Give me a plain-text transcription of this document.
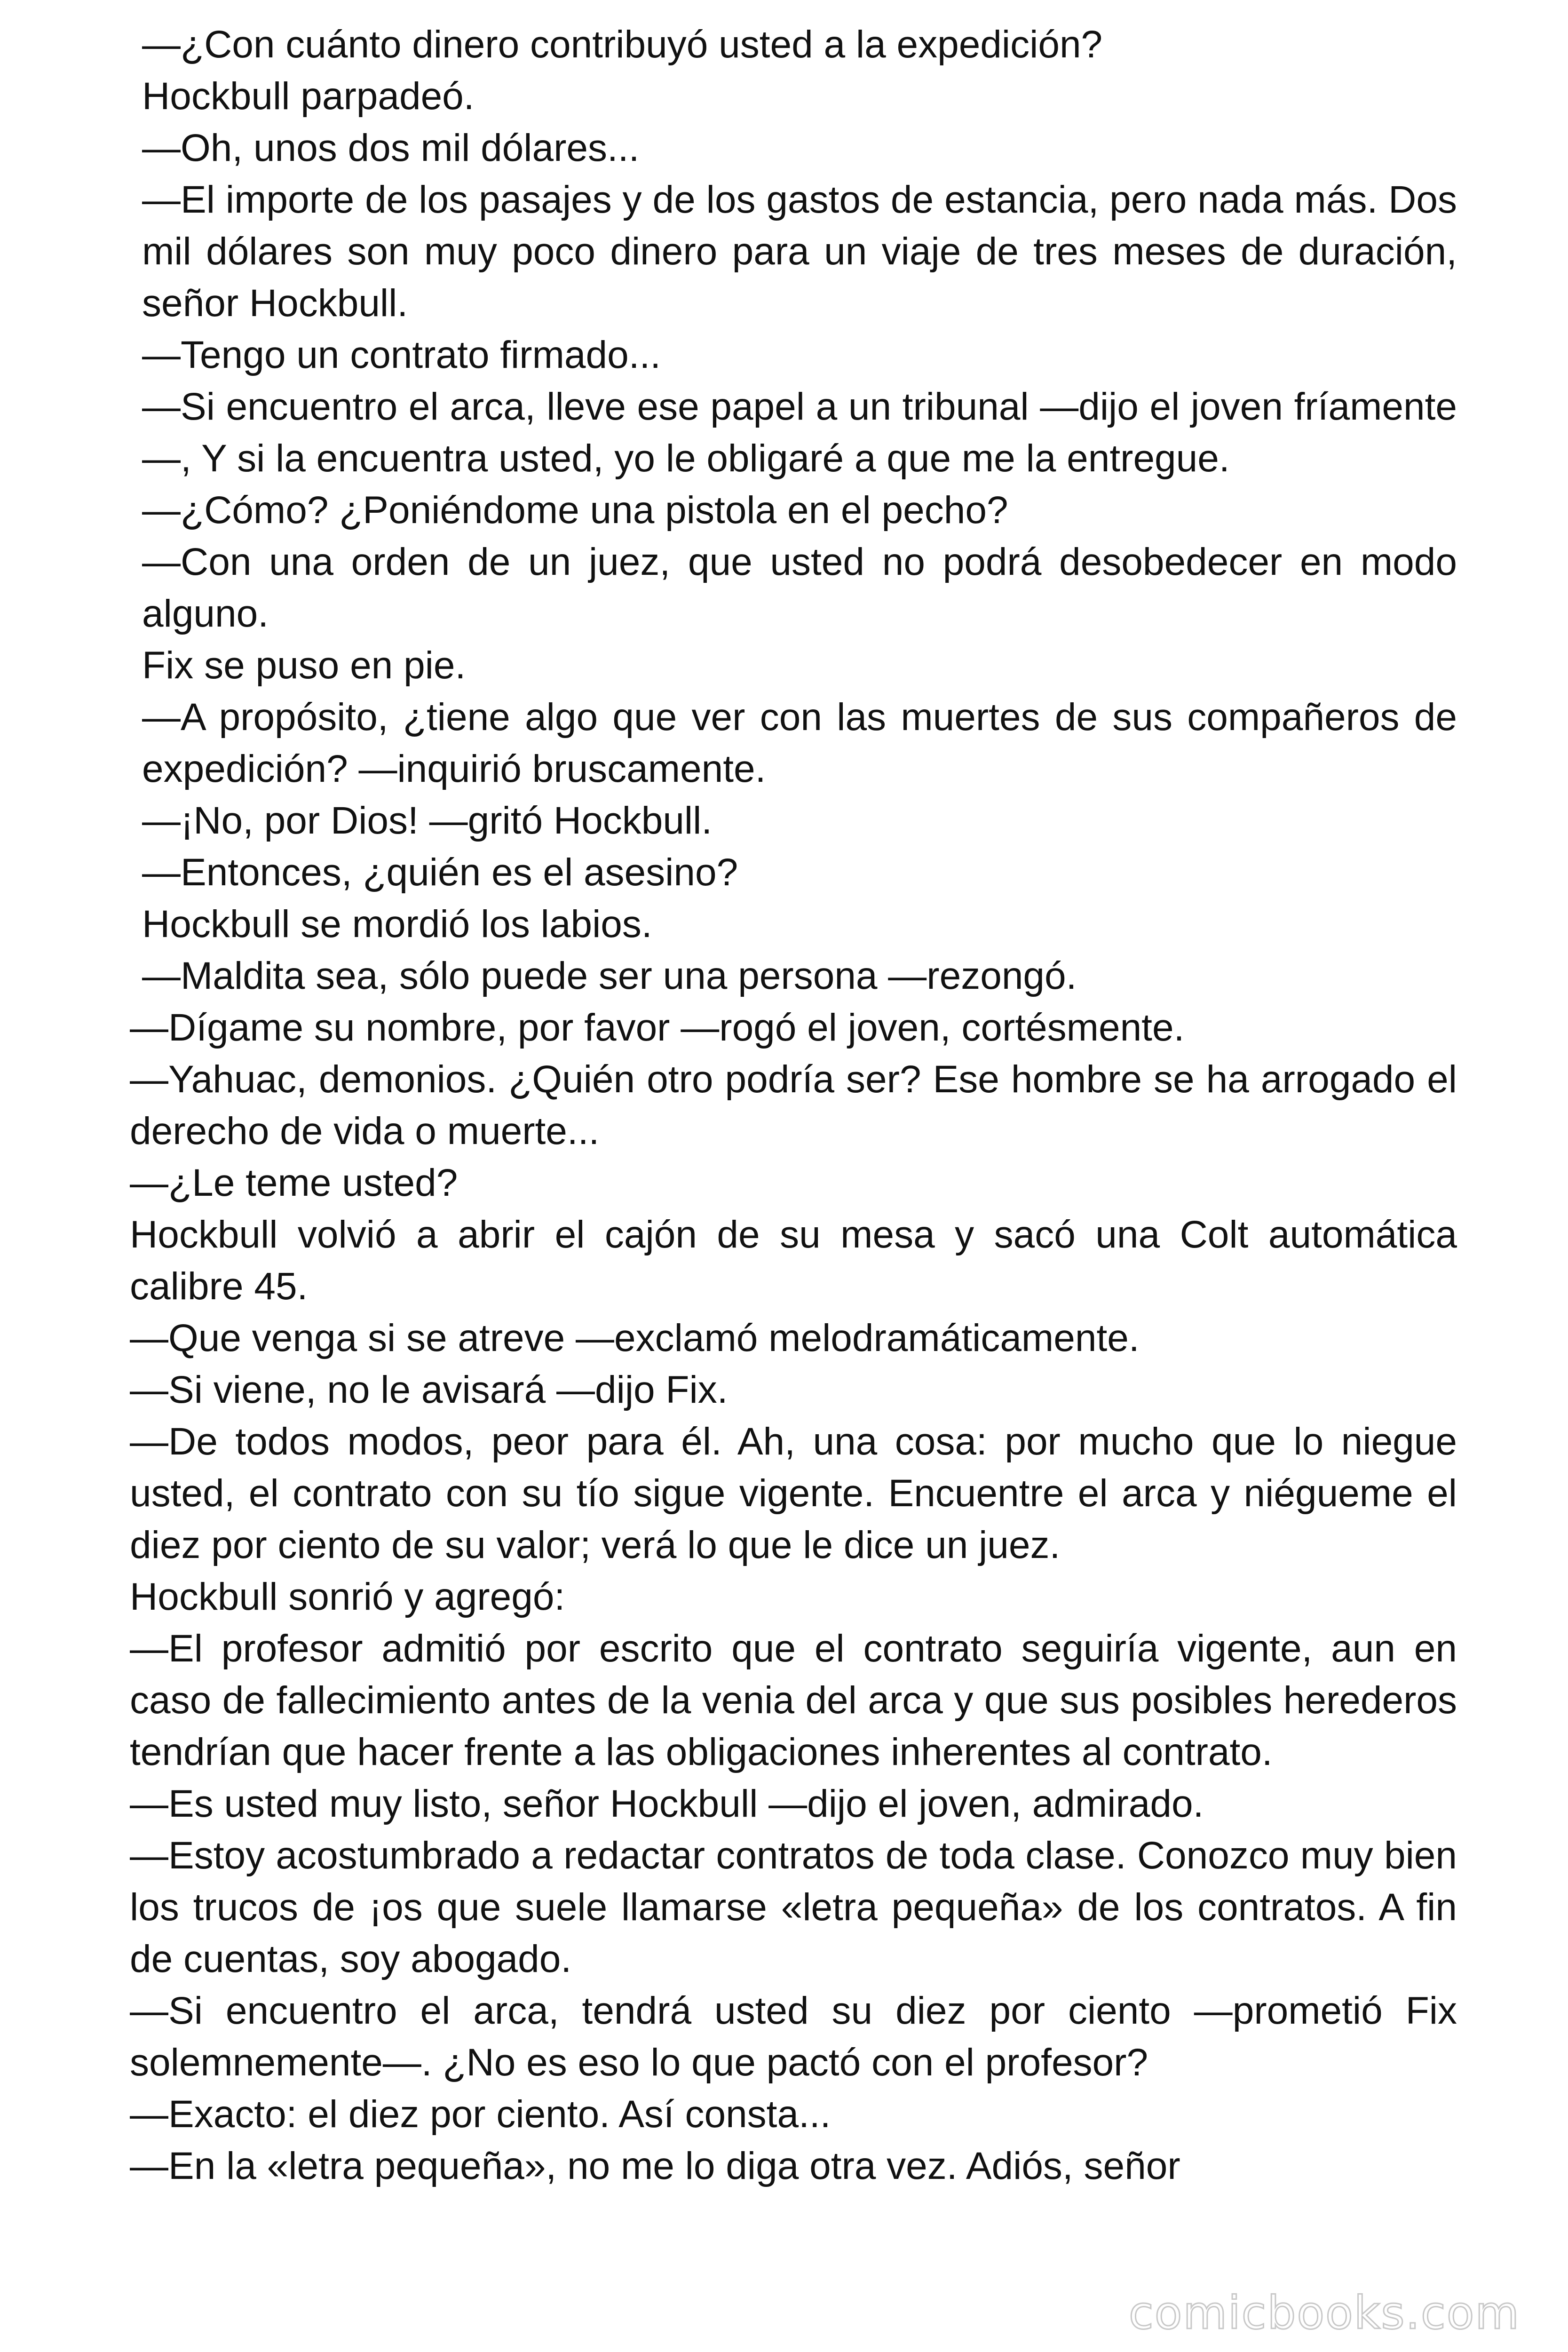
—¿Con cuánto dinero contribuyó usted a la expedición?

Hockbull parpadeó.

—Oh, unos dos mil dólares...

—El importe de los pasajes y de los gastos de estancia, pero nada más. Dos mil dólares son muy poco dinero para un viaje de tres meses de duración, señor Hockbull.

—Tengo un contrato firmado...

—Si encuentro el arca, lleve ese papel a un tribunal —dijo el joven fríamente—, Y si la encuentra usted, yo le obligaré a que me la entregue.

—¿Cómo? ¿Poniéndome una pistola en el pecho?

—Con una orden de un juez, que usted no podrá desobedecer en modo alguno.

Fix se puso en pie.

—A propósito, ¿tiene algo que ver con las muertes de sus compañeros de expedición? —inquirió bruscamente.

—¡No, por Dios! —gritó Hockbull.

—Entonces, ¿quién es el asesino?

Hockbull se mordió los labios.

—Maldita sea, sólo puede ser una persona —rezongó.

—Dígame su nombre, por favor —rogó el joven, cortésmente.

—Yahuac, demonios. ¿Quién otro podría ser? Ese hombre se ha arrogado el derecho de vida o muerte...

—¿Le teme usted?

Hockbull volvió a abrir el cajón de su mesa y sacó una Colt automática calibre 45.

—Que venga si se atreve —exclamó melodramáticamente.

—Si viene, no le avisará —dijo Fix.

—De todos modos, peor para él. Ah, una cosa: por mucho que lo niegue usted, el contrato con su tío sigue vigente. Encuentre el arca y niégueme el diez por ciento de su valor; verá lo que le dice un juez.

Hockbull sonrió y agregó:

—El profesor admitió por escrito que el contrato seguiría vigente, aun en caso de fallecimiento antes de la venia del arca y que sus posibles herederos tendrían que hacer frente a las obligaciones inherentes al contrato.

—Es usted muy listo, señor Hockbull —dijo el joven, admirado.

—Estoy acostumbrado a redactar contratos de toda clase. Conozco muy bien los trucos de ¡os que suele llamarse «letra pequeña» de los contratos. A fin de cuentas, soy abogado.

—Si encuentro el arca, tendrá usted su diez por ciento —prometió Fix solemnemente—. ¿No es eso lo que pactó con el profesor?

—Exacto: el diez por ciento. Así consta...

—En la «letra pequeña», no me lo diga otra vez. Adiós, señor

comicbooks.com
